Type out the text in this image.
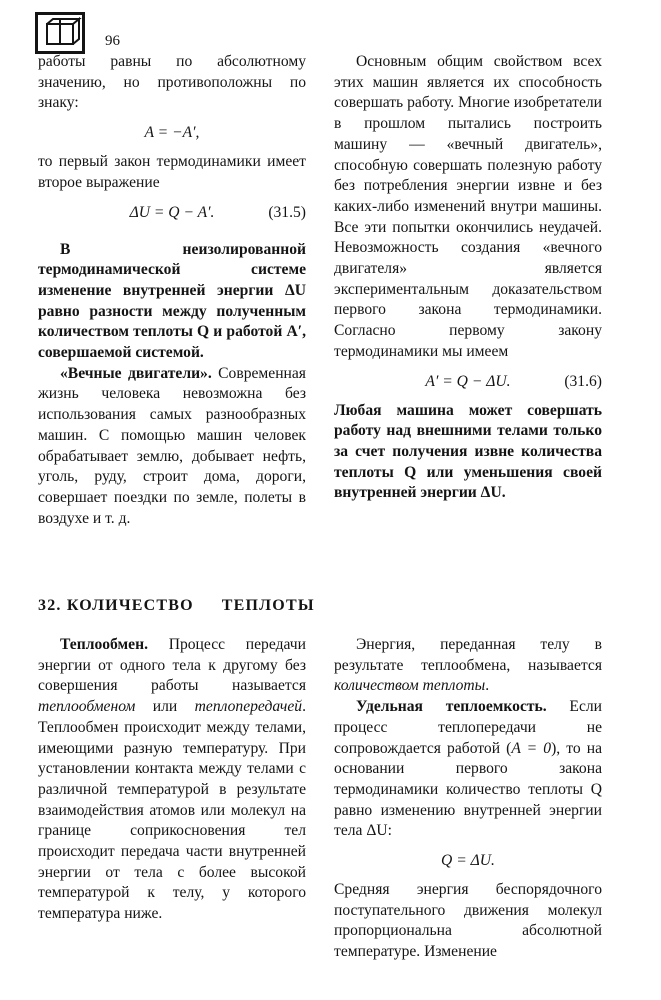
96

работы равны по абсолютному значению, но противоположны по знаку:

A = −A′,

то первый закон термодинамики имеет второе выражение

ΔU = Q − A′.	(31.5)

В неизолированной термодинамической системе изменение внутренней энергии ΔU равно разности между полученным количеством теплоты Q и работой A′, совершаемой системой.

«Вечные двигатели». Современная жизнь человека невозможна без использования самых разнообразных машин. С помощью машин человек обрабатывает землю, добывает нефть, уголь, руду, строит дома, дороги, совершает поездки по земле, полеты в воздухе и т. д.

Основным общим свойством всех этих машин является их способность совершать работу. Многие изобретатели в прошлом пытались построить машину — «вечный двигатель», способную совершать полезную работу без потребления энергии извне и без каких-либо изменений внутри машины. Все эти попытки окончились неудачей. Невозможность создания «вечного двигателя» является экспериментальным доказательством первого закона термодинамики. Согласно первому закону термодинамики мы имеем

A′ = Q − ΔU.	(31.6)

Любая машина может совершать работу над внешними телами только за счет получения извне количества теплоты Q или уменьшения своей внутренней энергии ΔU.

32. КОЛИЧЕСТВО ТЕПЛОТЫ

Теплообмен. Процесс передачи энергии от одного тела к другому без совершения работы называется теплообменом или теплопередачей. Теплообмен происходит между телами, имеющими разную температуру. При установлении контакта между телами с различной температурой в результате взаимодействия атомов или молекул на границе соприкосновения тел происходит передача части внутренней энергии от тела с более высокой температурой к телу, у которого температура ниже.

Энергия, переданная телу в результате теплообмена, называется количеством теплоты.

Удельная теплоемкость. Если процесс теплопередачи не сопровождается работой (A = 0), то на основании первого закона термодинамики количество теплоты Q равно изменению внутренней энергии тела ΔU:

Q = ΔU.

Средняя энергия беспорядочного поступательного движения молекул пропорциональна абсолютной температуре. Изменение
